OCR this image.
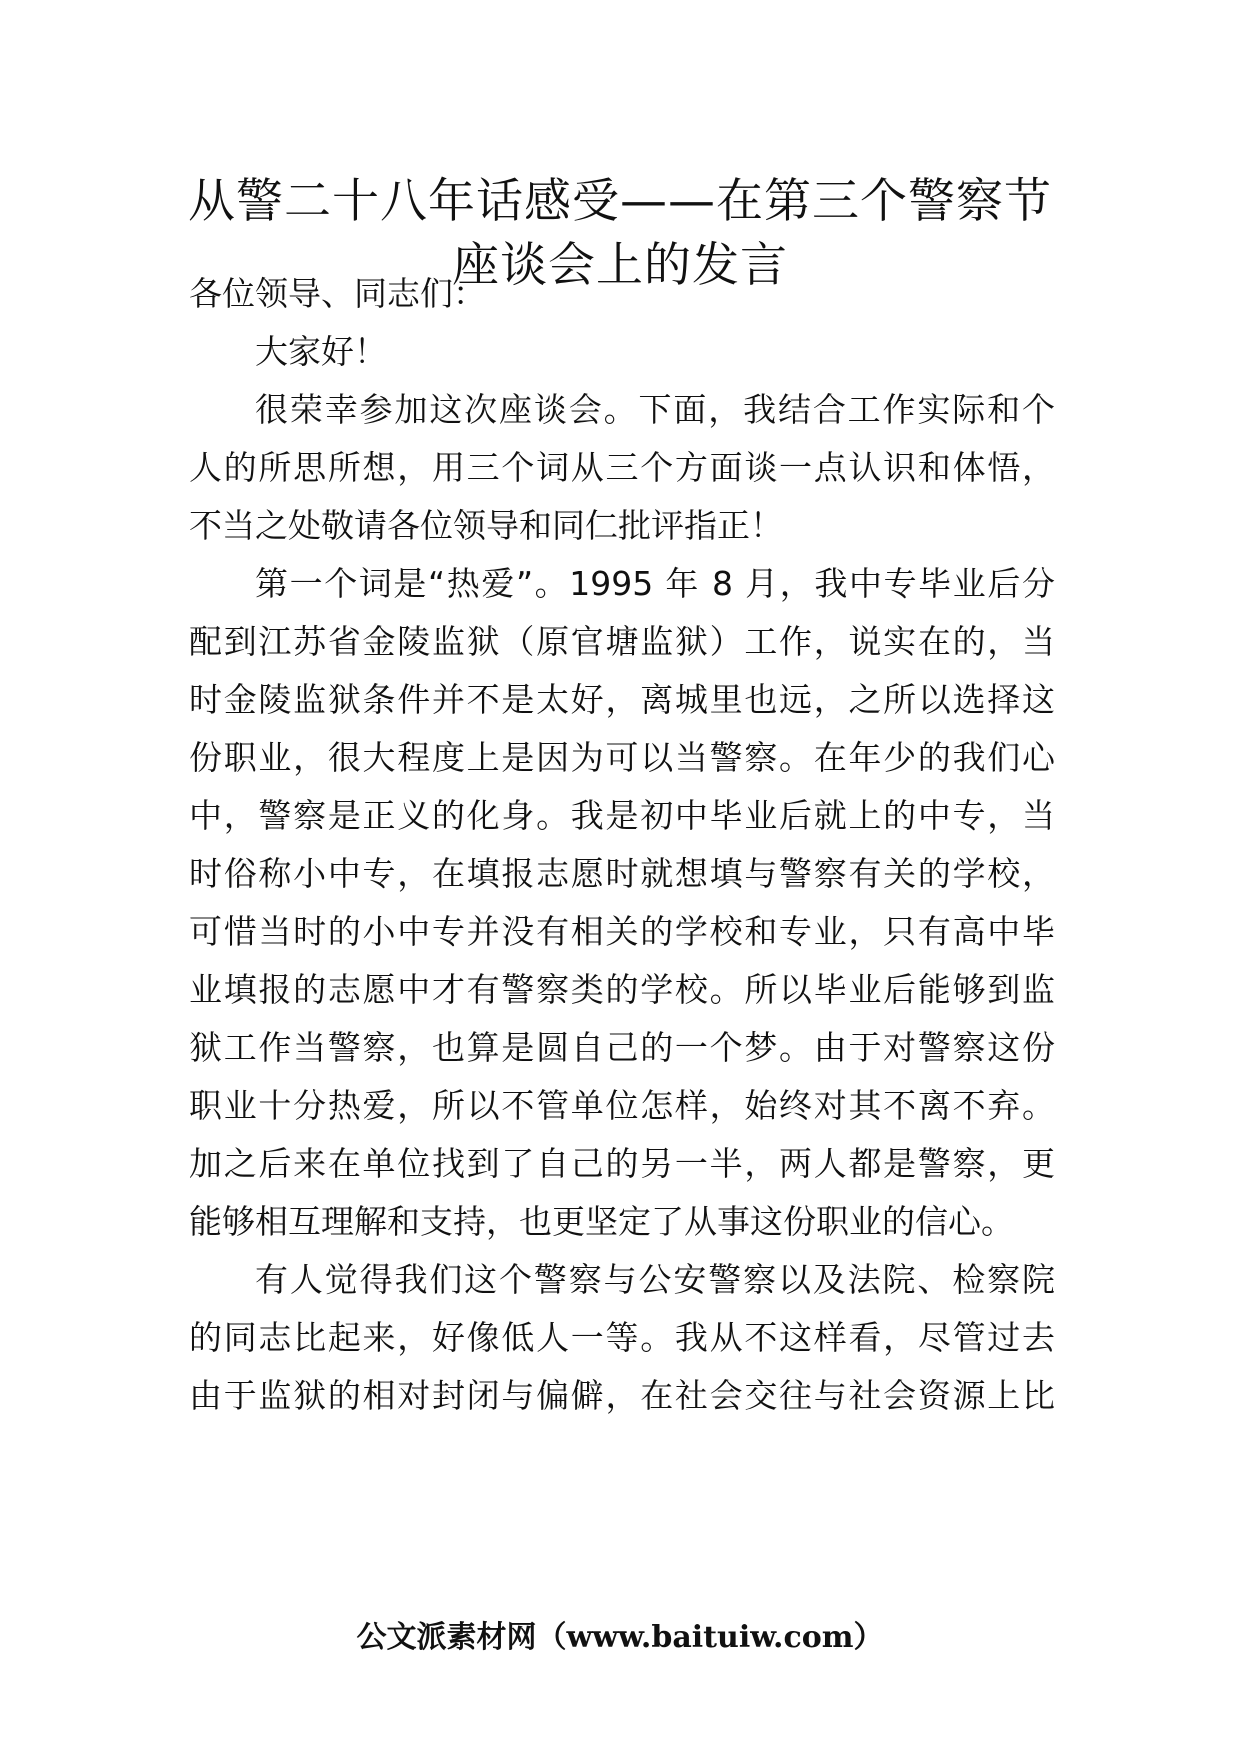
从警二十八年话感受——在第三个警察节
座谈会上的发言

各位领导、同志们：

大家好！

很荣幸参加这次座谈会。下面，我结合工作实际和个

人的所思所想，用三个词从三个方面谈一点认识和体悟，

不当之处敬请各位领导和同仁批评指正！

第一个词是“热爱”。1995 年 8 月，我中专毕业后分

配到江苏省金陵监狱（原官塘监狱）工作，说实在的，当

时金陵监狱条件并不是太好，离城里也远，之所以选择这

份职业，很大程度上是因为可以当警察。在年少的我们心

中，警察是正义的化身。我是初中毕业后就上的中专，当

时俗称小中专，在填报志愿时就想填与警察有关的学校，

可惜当时的小中专并没有相关的学校和专业，只有高中毕

业填报的志愿中才有警察类的学校。所以毕业后能够到监

狱工作当警察，也算是圆自己的一个梦。由于对警察这份

职业十分热爱，所以不管单位怎样，始终对其不离不弃。

加之后来在单位找到了自己的另一半，两人都是警察，更

能够相互理解和支持，也更坚定了从事这份职业的信心。

有人觉得我们这个警察与公安警察以及法院、检察院

的同志比起来，好像低人一等。我从不这样看，尽管过去

由于监狱的相对封闭与偏僻，在社会交往与社会资源上比

公文派素材网（www.baituiw.com）
